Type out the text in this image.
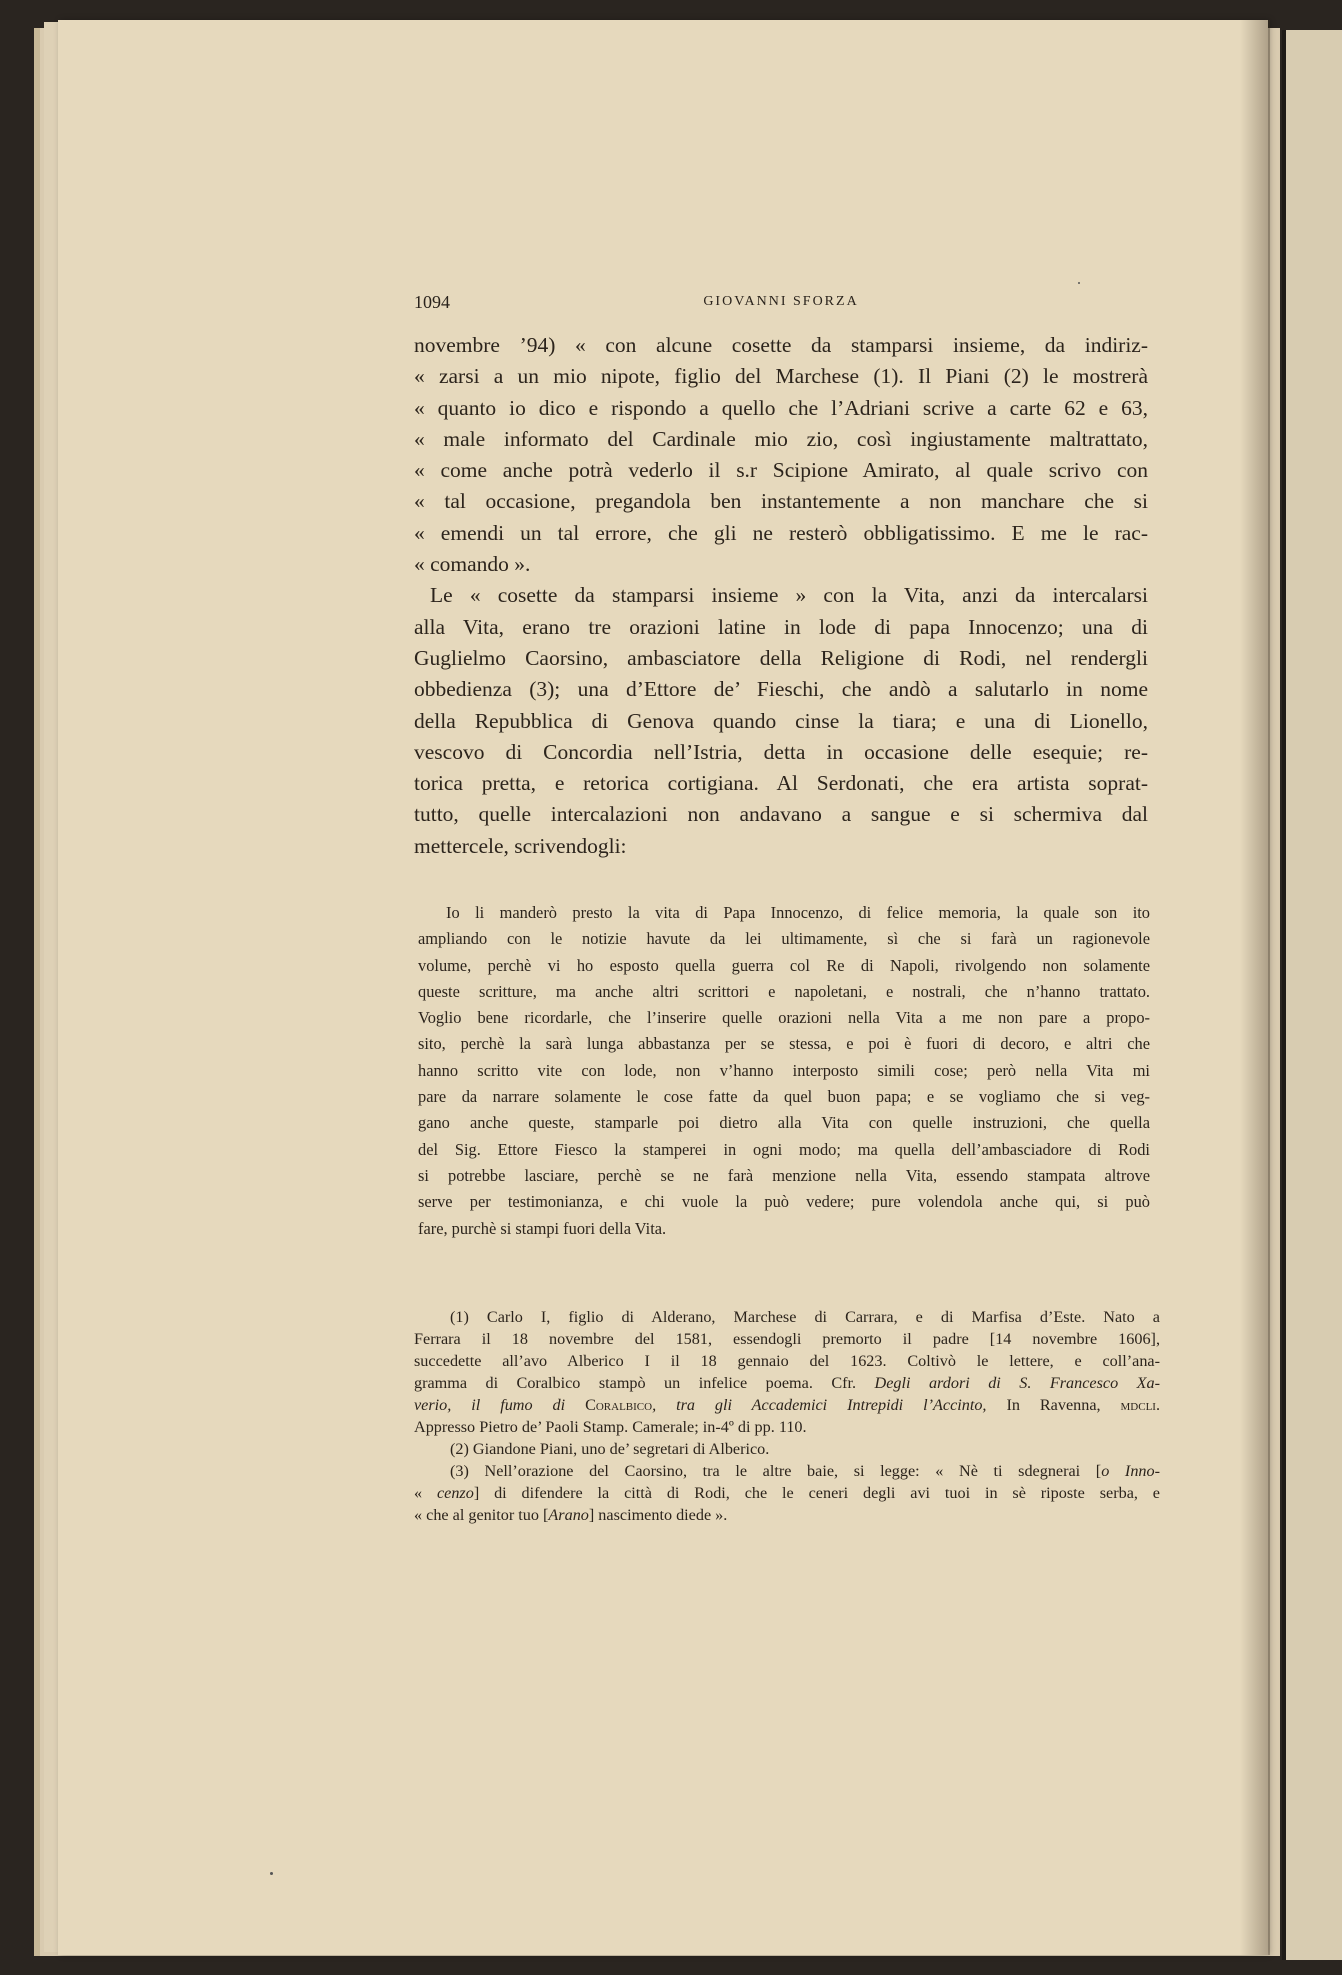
1094	GIOVANNI SFORZA
novembre ’94) « con alcune cosette da stamparsi insieme, da indiriz-
« zarsi a un mio nipote, figlio del Marchese (1). Il Piani (2) le mostrerà
« quanto io dico e rispondo a quello che l’Adriani scrive a carte 62 e 63,
« male informato del Cardinale mio zio, così ingiustamente maltrattato,
« come anche potrà vederlo il s.r Scipione Amirato, al quale scrivo con
« tal occasione, pregandola ben instantemente a non manchare che si
« emendi un tal errore, che gli ne resterò obbligatissimo. E me le rac-
« comando ».
Le « cosette da stamparsi insieme » con la Vita, anzi da intercalarsi
alla Vita, erano tre orazioni latine in lode di papa Innocenzo; una di
Guglielmo Caorsino, ambasciatore della Religione di Rodi, nel rendergli
obbedienza (3); una d’Ettore de’ Fieschi, che andò a salutarlo in nome
della Repubblica di Genova quando cinse la tiara; e una di Lionello,
vescovo di Concordia nell’Istria, detta in occasione delle esequie; re-
torica pretta, e retorica cortigiana. Al Serdonati, che era artista soprat-
tutto, quelle intercalazioni non andavano a sangue e si schermiva dal
mettercele, scrivendogli:
Io li manderò presto la vita di Papa Innocenzo, di felice memoria, la quale son ito
ampliando con le notizie havute da lei ultimamente, sì che si farà un ragionevole
volume, perchè vi ho esposto quella guerra col Re di Napoli, rivolgendo non solamente
queste scritture, ma anche altri scrittori e napoletani, e nostrali, che n’hanno trattato.
Voglio bene ricordarle, che l’inserire quelle orazioni nella Vita a me non pare a propo-
sito, perchè la sarà lunga abbastanza per se stessa, e poi è fuori di decoro, e altri che
hanno scritto vite con lode, non v’hanno interposto simili cose; però nella Vita mi
pare da narrare solamente le cose fatte da quel buon papa; e se vogliamo che si veg-
gano anche queste, stamparle poi dietro alla Vita con quelle instruzioni, che quella
del Sig. Ettore Fiesco la stamperei in ogni modo; ma quella dell’ambasciadore di Rodi
si potrebbe lasciare, perchè se ne farà menzione nella Vita, essendo stampata altrove
serve per testimonianza, e chi vuole la può vedere; pure volendola anche qui, si può
fare, purchè si stampi fuori della Vita.
(1) Carlo I, figlio di Alderano, Marchese di Carrara, e di Marfisa d’Este. Nato a
Ferrara il 18 novembre del 1581, essendogli premorto il padre [14 novembre 1606],
succedette all’avo Alberico I il 18 gennaio del 1623. Coltivò le lettere, e coll’ana-
gramma di Coralbico stampò un infelice poema. Cfr. Degli ardori di S. Francesco Xa-
verio, il fumo di Coralbico, tra gli Accademici Intrepidi l’Accinto, In Ravenna, mdcli.
Appresso Pietro de’ Paoli Stamp. Camerale; in-4º di pp. 110.
(2) Giandone Piani, uno de’ segretari di Alberico.
(3) Nell’orazione del Caorsino, tra le altre baie, si legge: « Nè ti sdegnerai [o Inno-
« cenzo] di difendere la città di Rodi, che le ceneri degli avi tuoi in sè riposte serba, e
« che al genitor tuo [Arano] nascimento diede ».
